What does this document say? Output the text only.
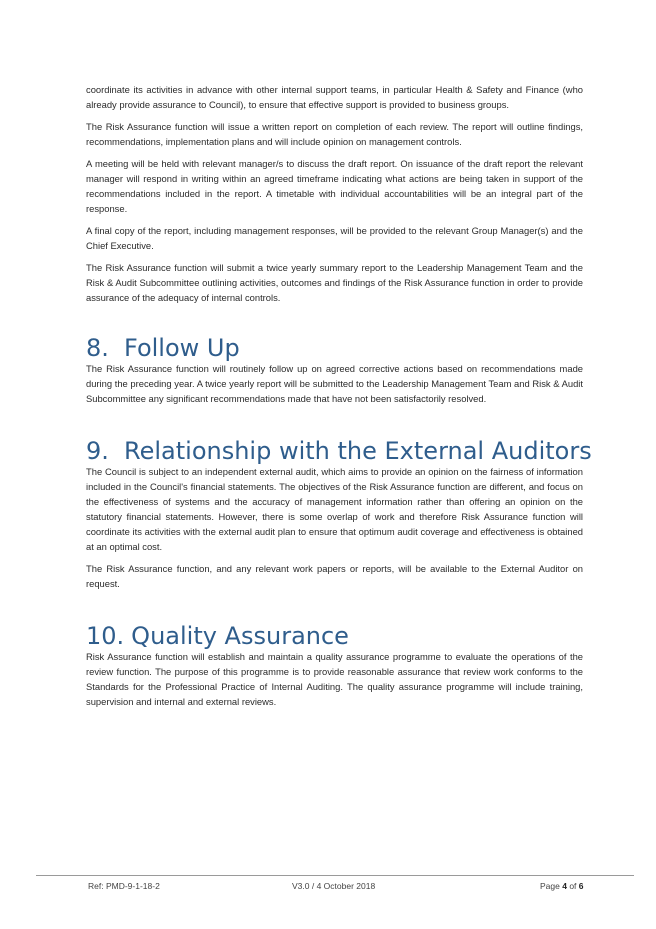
coordinate its activities in advance with other internal support teams, in particular Health & Safety and Finance (who already provide assurance to Council), to ensure that effective support is provided to business groups.

The Risk Assurance function will issue a written report on completion of each review. The report will outline findings, recommendations, implementation plans and will include opinion on management controls.

A meeting will be held with relevant manager/s to discuss the draft report. On issuance of the draft report the relevant manager will respond in writing within an agreed timeframe indicating what actions are being taken in support of the recommendations included in the report. A timetable with individual accountabilities will be an integral part of the response.

A final copy of the report, including management responses, will be provided to the relevant Group Manager(s) and the Chief Executive.

The Risk Assurance function will submit a twice yearly summary report to the Leadership Management Team and the Risk & Audit Subcommittee outlining activities, outcomes and findings of the Risk Assurance function in order to provide assurance of the adequacy of internal controls.

8. Follow Up

The Risk Assurance function will routinely follow up on agreed corrective actions based on recommendations made during the preceding year. A twice yearly report will be submitted to the Leadership Management Team and Risk & Audit Subcommittee any significant recommendations made that have not been satisfactorily resolved.

9. Relationship with the External Auditors

The Council is subject to an independent external audit, which aims to provide an opinion on the fairness of information included in the Council's financial statements. The objectives of the Risk Assurance function are different, and focus on the effectiveness of systems and the accuracy of management information rather than offering an opinion on the statutory financial statements. However, there is some overlap of work and therefore Risk Assurance function will coordinate its activities with the external audit plan to ensure that optimum audit coverage and effectiveness is obtained at an optimal cost.

The Risk Assurance function, and any relevant work papers or reports, will be available to the External Auditor on request.

10. Quality Assurance

Risk Assurance function will establish and maintain a quality assurance programme to evaluate the operations of the review function. The purpose of this programme is to provide reasonable assurance that review work conforms to the Standards for the Professional Practice of Internal Auditing. The quality assurance programme will include training, supervision and internal and external reviews.

Ref: PMD-9-1-18-2	V3.0 / 4 October 2018	Page 4 of 6
